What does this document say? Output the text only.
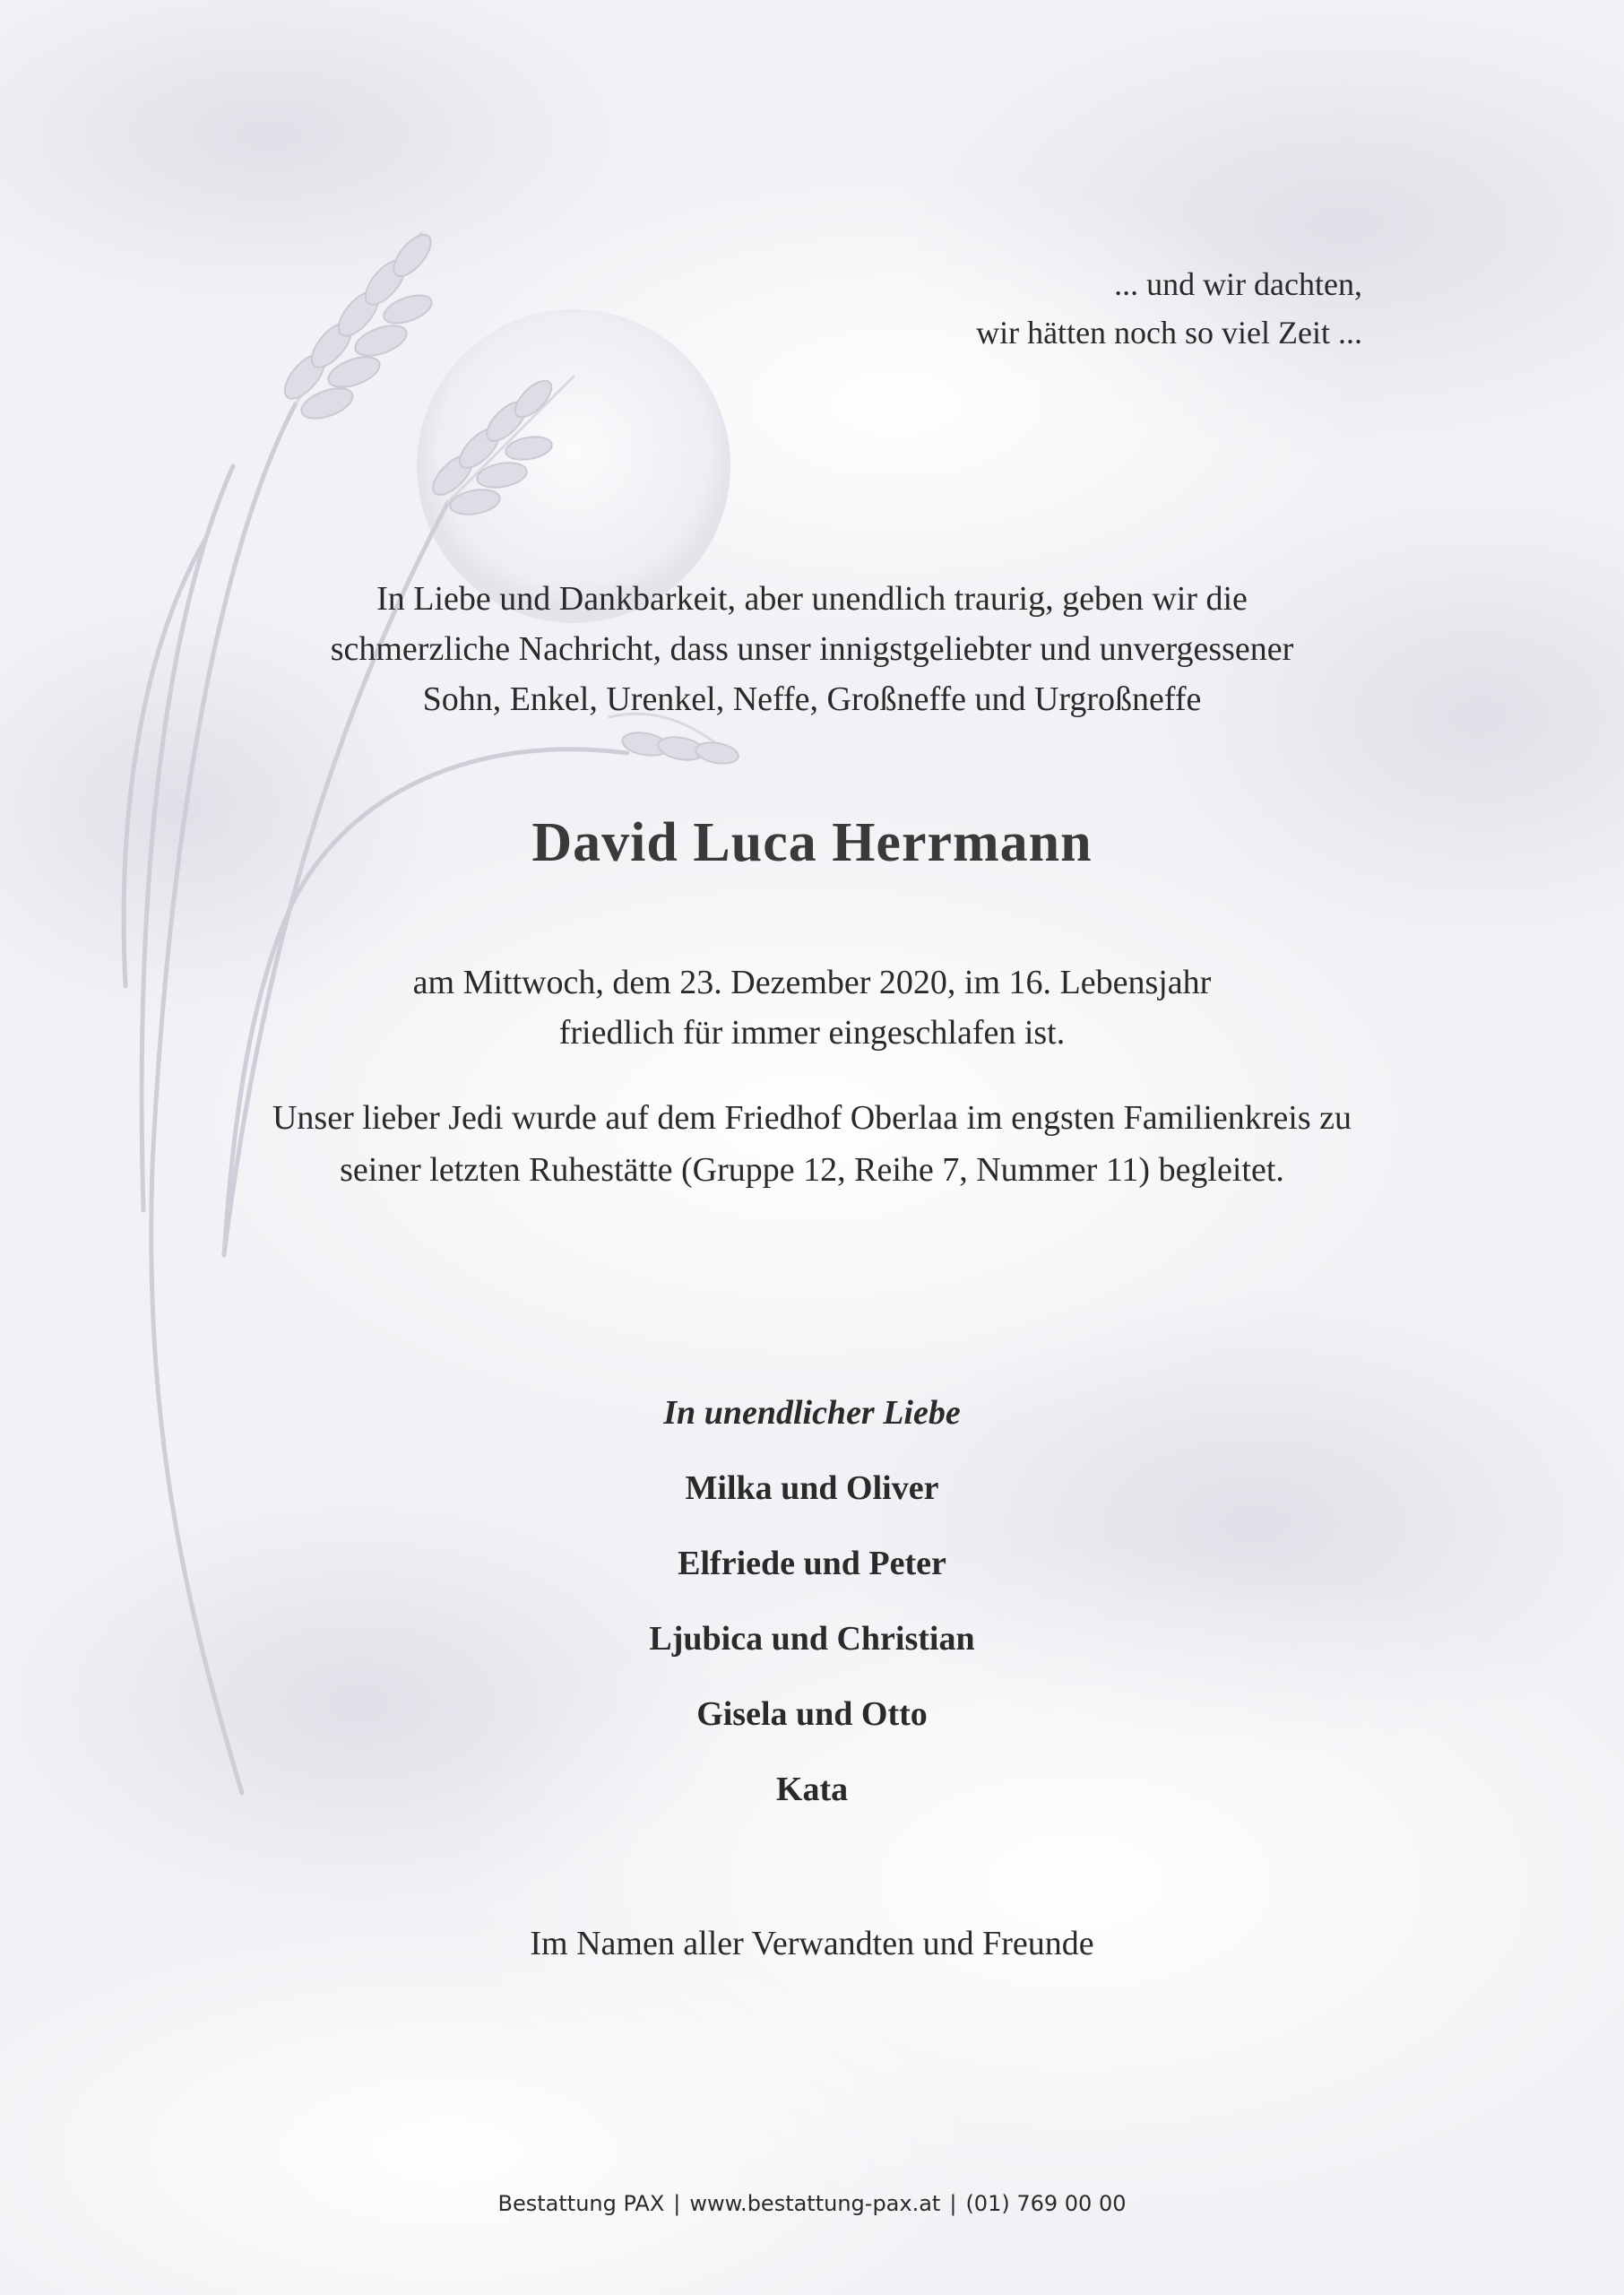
... und wir dachten,
wir hätten noch so viel Zeit ...
In Liebe und Dankbarkeit, aber unendlich traurig, geben wir die
schmerzliche Nachricht, dass unser innigstgeliebter und unvergessener
Sohn, Enkel, Urenkel, Neffe, Großneffe und Urgroßneffe
David Luca Herrmann
am Mittwoch, dem 23. Dezember 2020, im 16. Lebensjahr
friedlich für immer eingeschlafen ist.
Unser lieber Jedi wurde auf dem Friedhof Oberlaa im engsten Familienkreis zu
seiner letzten Ruhestätte (Gruppe 12, Reihe 7, Nummer 11) begleitet.
In unendlicher Liebe
Milka und Oliver
Elfriede und Peter
Ljubica und Christian
Gisela und Otto
Kata
Im Namen aller Verwandten und Freunde
Bestattung PAX | www.bestattung-pax.at | (01) 769 00 00
